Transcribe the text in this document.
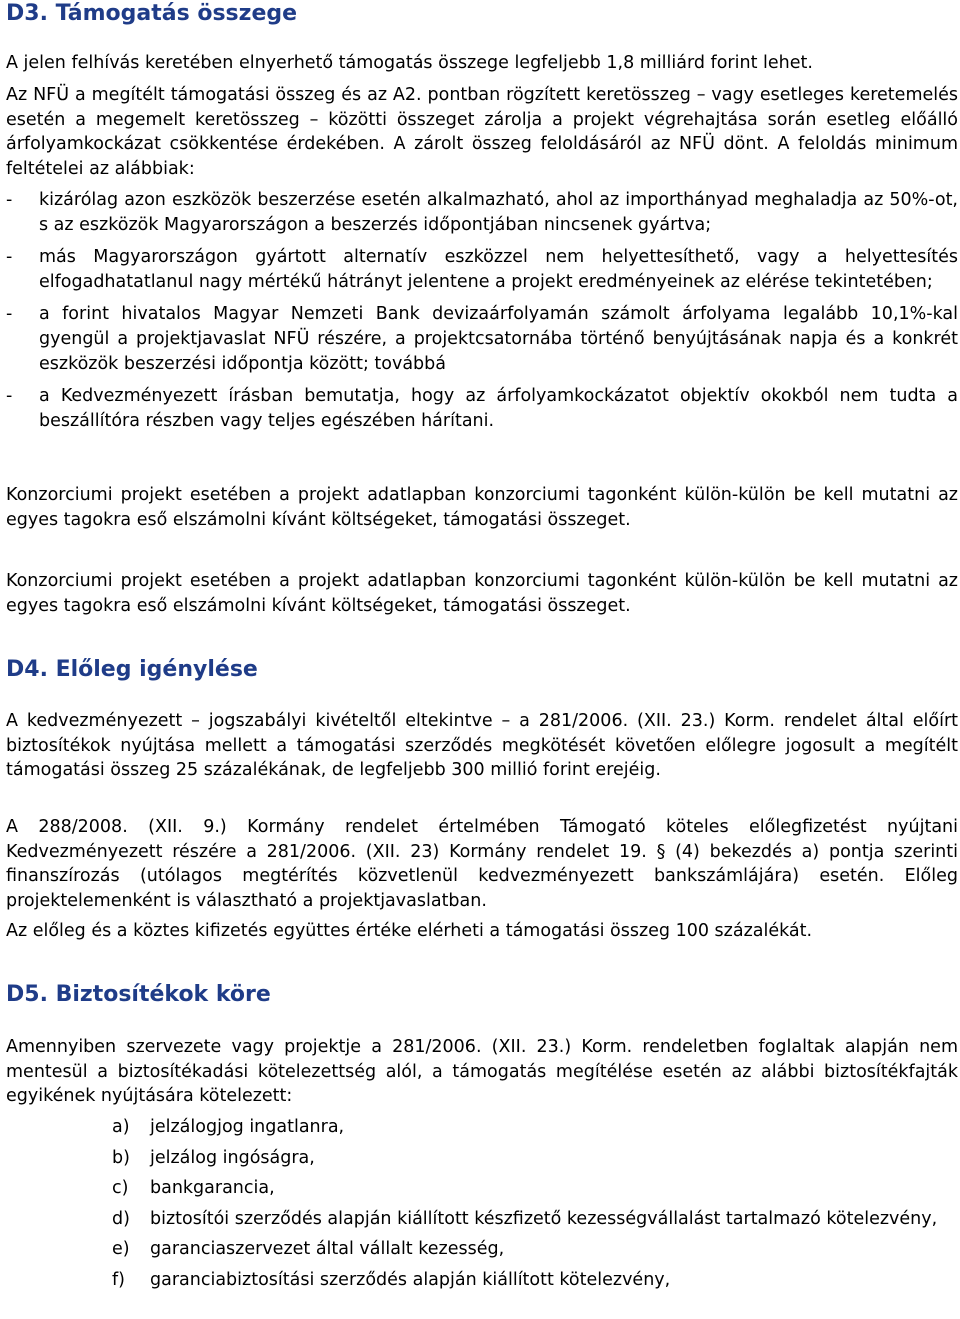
D3. Támogatás összege

A jelen felhívás keretében elnyerhető támogatás összege legfeljebb 1,8 milliárd forint lehet.

Az NFÜ a megítélt támogatási összeg és az A2. pontban rögzített keretösszeg – vagy esetleges keretemelés esetén a megemelt keretösszeg – közötti összeget zárolja a projekt végrehajtása során esetleg előálló árfolyamkockázat csökkentése érdekében. A zárolt összeg feloldásáról az NFÜ dönt. A feloldás minimum feltételei az alábbiak:

- kizárólag azon eszközök beszerzése esetén alkalmazható, ahol az importhányad meghaladja az 50%-ot, s az eszközök Magyarországon a beszerzés időpontjában nincsenek gyártva;
- más Magyarországon gyártott alternatív eszközzel nem helyettesíthető, vagy a helyettesítés elfogadhatatlanul nagy mértékű hátrányt jelentene a projekt eredményeinek az elérése tekintetében;
- a forint hivatalos Magyar Nemzeti Bank devizaárfolyamán számolt árfolyama legalább 10,1%-kal gyengül a projektjavaslat NFÜ részére, a projektcsatornába történő benyújtásának napja és a konkrét eszközök beszerzési időpontja között; továbbá
- a Kedvezményezett írásban bemutatja, hogy az árfolyamkockázatot objektív okokból nem tudta a beszállítóra részben vagy teljes egészében hárítani.

Konzorciumi projekt esetében a projekt adatlapban konzorciumi tagonként külön-külön be kell mutatni az egyes tagokra eső elszámolni kívánt költségeket, támogatási összeget.

Konzorciumi projekt esetében a projekt adatlapban konzorciumi tagonként külön-külön be kell mutatni az egyes tagokra eső elszámolni kívánt költségeket, támogatási összeget.

D4. Előleg igénylése

A kedvezményezett – jogszabályi kivételtől eltekintve – a 281/2006. (XII. 23.) Korm. rendelet által előírt biztosítékok nyújtása mellett a támogatási szerződés megkötését követően előlegre jogosult a megítélt támogatási összeg 25 százalékának, de legfeljebb 300 millió forint erejéig.

A 288/2008. (XII. 9.) Kormány rendelet értelmében Támogató köteles előlegfizetést nyújtani Kedvezményezett részére a 281/2006. (XII. 23) Kormány rendelet 19. § (4) bekezdés a) pontja szerinti finanszírozás (utólagos megtérítés közvetlenül kedvezményezett bankszámlájára) esetén. Előleg projektelemenként is választható a projektjavaslatban.

Az előleg és a köztes kifizetés együttes értéke elérheti a támogatási összeg 100 százalékát.

D5. Biztosítékok köre

Amennyiben szervezete vagy projektje a 281/2006. (XII. 23.) Korm. rendeletben foglaltak alapján nem mentesül a biztosítékadási kötelezettség alól, a támogatás megítélése esetén az alábbi biztosítékfajták egyikének nyújtására kötelezett:

a) jelzálogjog ingatlanra,
b) jelzálog ingóságra,
c) bankgarancia,
d) biztosítói szerződés alapján kiállított készfizető kezességvállalást tartalmazó kötelezvény,
e) garanciaszervezet által vállalt kezesség,
f) garanciabiztosítási szerződés alapján kiállított kötelezvény,
